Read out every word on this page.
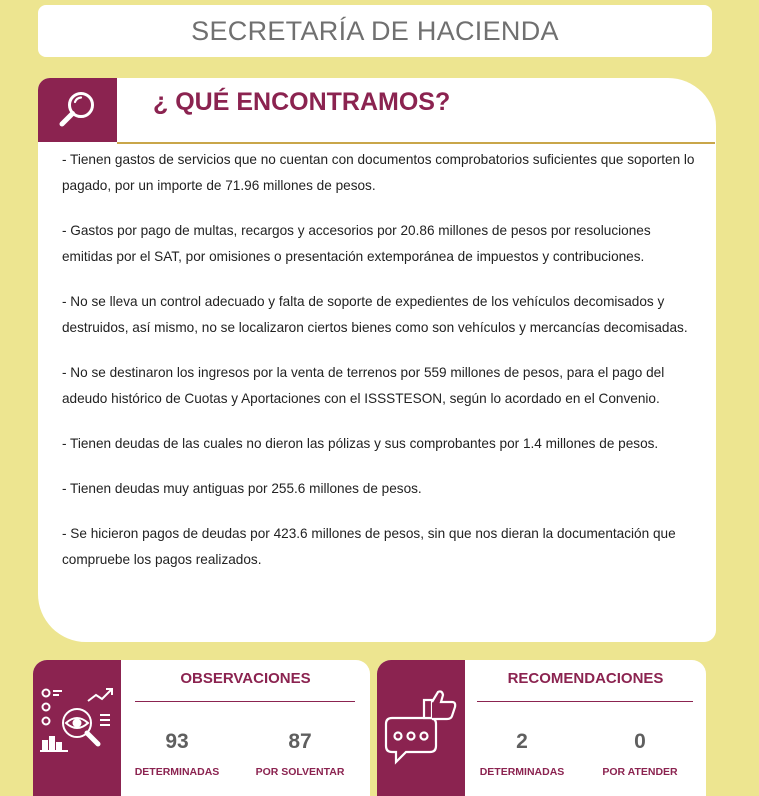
SECRETARÍA DE HACIENDA
¿ QUÉ ENCONTRAMOS?

- Tienen gastos de servicios que no cuentan con documentos comprobatorios suficientes que soporten lo pagado, por un importe de 71.96 millones de pesos.

- Gastos por pago de multas, recargos y accesorios por 20.86 millones de pesos por resoluciones emitidas por el SAT, por omisiones o presentación extemporánea de impuestos y contribuciones.

- No se lleva un control adecuado y falta de soporte de expedientes de los vehículos decomisados y destruidos, así mismo, no se localizaron ciertos bienes como son vehículos y mercancías decomisadas.

- No se destinaron los ingresos por la venta de terrenos por 559 millones de pesos, para el pago del adeudo histórico de Cuotas y Aportaciones con el ISSSTESON, según lo acordado en el Convenio.

- Tienen deudas de las cuales no dieron las pólizas y sus comprobantes por 1.4 millones de pesos.

- Tienen deudas muy antiguas por 255.6 millones de pesos.

- Se hicieron pagos de deudas por 423.6 millones de pesos, sin que nos dieran la documentación que compruebe los pagos realizados.

OBSERVACIONES
93	87
DETERMINADAS	POR SOLVENTAR
RECOMENDACIONES
2	0
DETERMINADAS	POR ATENDER
